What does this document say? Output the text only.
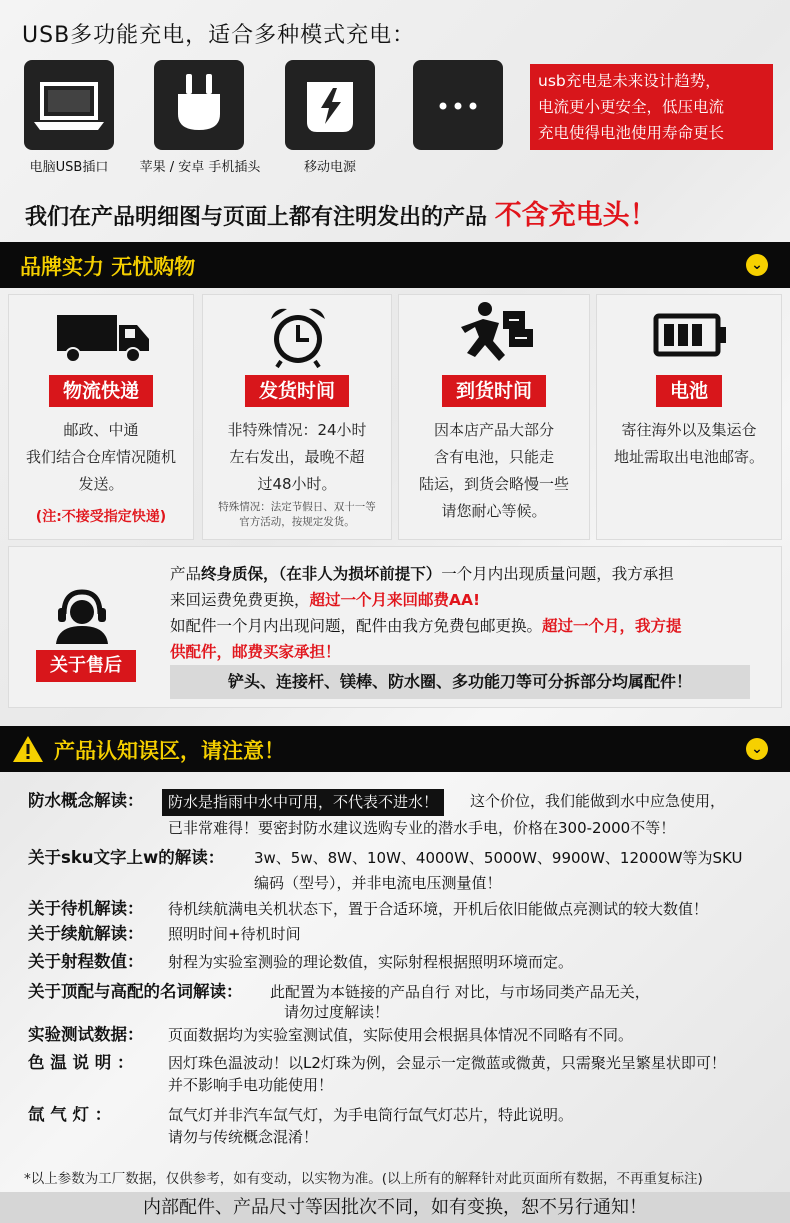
USB多功能充电，适合多种模式充电：
电脑USB插口	苹果 / 安卓 手机插头	移动电源
usb充电是未来设计趋势，
电流更小更安全，低压电流
充电使得电池使用寿命更长
我们在产品明细图与页面上都有注明发出的产品 不含充电头！
品牌实力 无忧购物	⌄
物流快递
邮政、中通
我们结合仓库情况随机
发送。
(注:不接受指定快递)
发货时间
非特殊情况：24小时
左右发出，最晚不超
过48小时。
特殊情况：法定节假日、双十一等
官方活动，按规定发货。
到货时间
因本店产品大部分
含有电池，只能走
陆运，到货会略慢一些
请您耐心等候。
电池
寄往海外以及集运仓
地址需取出电池邮寄。
关于售后
产品终身质保，（在非人为损坏前提下）一个月内出现质量问题，我方承担
来回运费免费更换，超过一个月来回邮费AA!
如配件一个月内出现问题，配件由我方免费包邮更换。超过一个月，我方提
供配件，邮费买家承担！
铲头、连接杆、镁棒、防水圈、多功能刀等可分拆部分均属配件！
产品认知误区，请注意！	⌄
防水概念解读：	防水是指雨中水中可用，不代表不进水！	这个价位，我们能做到水中应急使用，
已非常难得！要密封防水建议选购专业的潜水手电，价格在300-2000不等！
关于sku文字上w的解读： 3w、5w、8W、10W、4000W、5000W、9900W、12000W等为SKU
编码（型号），并非电流电压测量值！
关于待机解读： 待机续航满电关机状态下，置于合适环境，开机后依旧能做点亮测试的较大数值！
关于续航解读： 照明时间+待机时间
关于射程数值： 射程为实验室测验的理论数值，实际射程根据照明环境而定。
关于顶配与高配的名词解读： 此配置为本链接的产品自行 对比，与市场同类产品无关，
请勿过度解读！
实验测试数据： 页面数据均为实验室测试值，实际使用会根据具体情况不同略有不同。
色 温 说 明 ： 因灯珠色温波动！以L2灯珠为例，会显示一定微蓝或微黄，只需聚光呈繁星状即可！
并不影响手电功能使用！
氙 气 灯 ：	氙气灯并非汽车氙气灯，为手电筒行氙气灯芯片，特此说明。
请勿与传统概念混淆！
*以上参数为工厂数据，仅供参考，如有变动，以实物为准。(以上所有的解释针对此页面所有数据，不再重复标注)
内部配件、产品尺寸等因批次不同，如有变换，恕不另行通知！
